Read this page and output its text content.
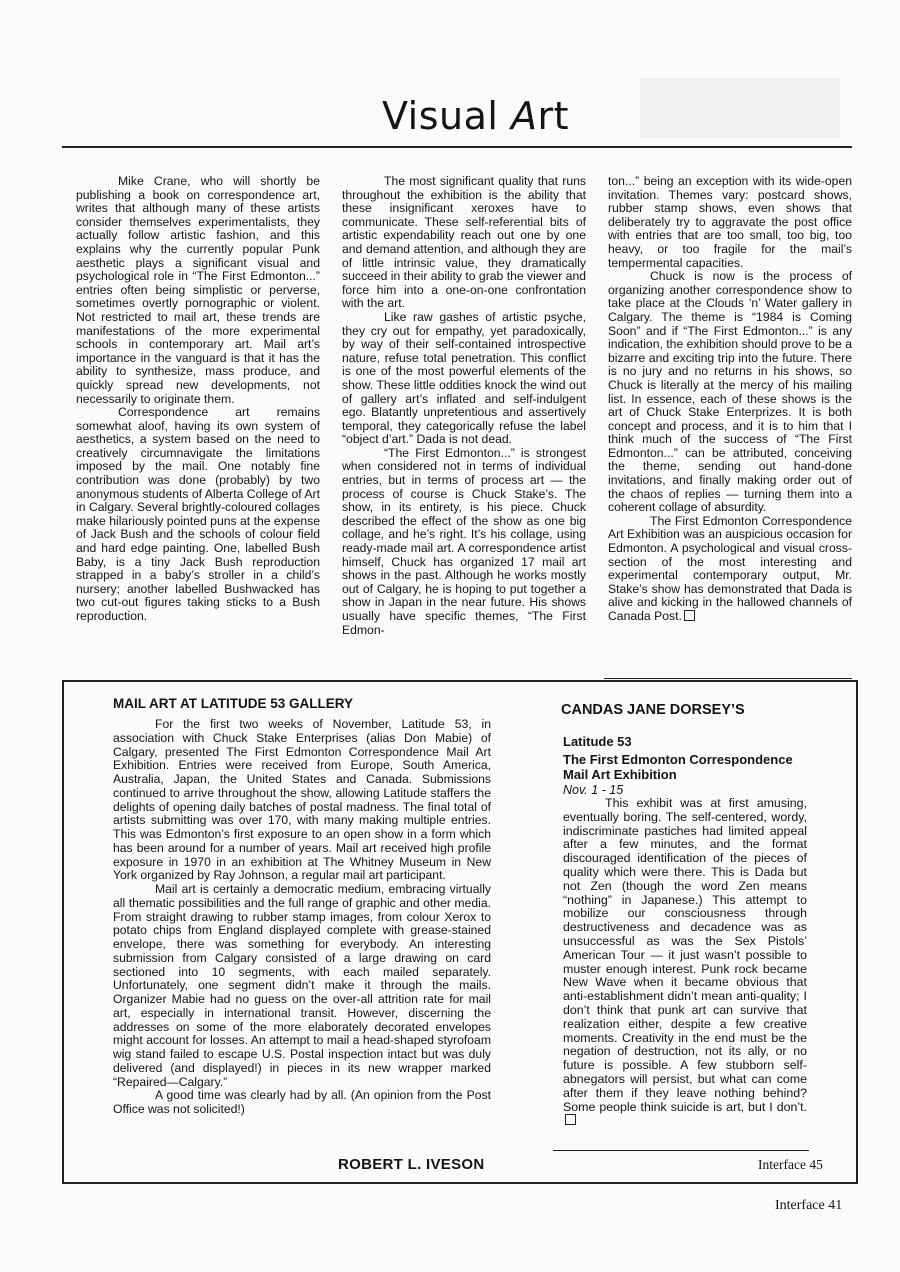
Visual Art

Mike Crane, who will shortly be publishing a book on correspondence art, writes that although many of these artists consider themselves experimentalists, they actually follow artistic fashion, and this explains why the currently popular Punk aesthetic plays a significant visual and psychological role in “The First Edmonton...” entries often being simplistic or perverse, sometimes overtly pornographic or violent. Not restricted to mail art, these trends are manifestations of the more experimental schools in contemporary art. Mail art’s importance in the vanguard is that it has the ability to synthesize, mass produce, and quickly spread new developments, not necessarily to originate them.

Correspondence art remains somewhat aloof, having its own system of aesthetics, a system based on the need to creatively circumnavigate the limitations imposed by the mail. One notably fine contribution was done (probably) by two anonymous students of Alberta College of Art in Calgary. Several brightly-coloured collages make hilariously pointed puns at the expense of Jack Bush and the schools of colour field and hard edge painting. One, labelled Bush Baby, is a tiny Jack Bush reproduction strapped in a baby’s stroller in a child’s nursery; another labelled Bushwacked has two cut-out figures taking sticks to a Bush reproduction.

The most significant quality that runs throughout the exhibition is the ability that these insignificant xeroxes have to communicate. These self-referential bits of artistic expendability reach out one by one and demand attention, and although they are of little intrinsic value, they dramatically succeed in their ability to grab the viewer and force him into a one-on-one confrontation with the art.

Like raw gashes of artistic psyche, they cry out for empathy, yet paradoxically, by way of their self-contained introspective nature, refuse total penetration. This conflict is one of the most powerful elements of the show. These little oddities knock the wind out of gallery art’s inflated and self-indulgent ego. Blatantly unpretentious and assertively temporal, they categorically refuse the label “object d’art.” Dada is not dead.

“The First Edmonton...” is strongest when considered not in terms of individual entries, but in terms of process art — the process of course is Chuck Stake’s. The show, in its entirety, is his piece. Chuck described the effect of the show as one big collage, and he’s right. It’s his collage, using ready-made mail art. A correspondence artist himself, Chuck has organized 17 mail art shows in the past. Although he works mostly out of Calgary, he is hoping to put together a show in Japan in the near future. His shows usually have specific themes, “The First Edmon-

ton...” being an exception with its wide-open invitation. Themes vary: postcard shows, rubber stamp shows, even shows that deliberately try to aggravate the post office with entries that are too small, too big, too heavy, or too fragile for the mail’s tempermental capacities.

Chuck is now is the process of organizing another correspondence show to take place at the Clouds ’n’ Water gallery in Calgary. The theme is “1984 is Coming Soon” and if “The First Edmonton...” is any indication, the exhibition should prove to be a bizarre and exciting trip into the future. There is no jury and no returns in his shows, so Chuck is literally at the mercy of his mailing list. In essence, each of these shows is the art of Chuck Stake Enterprizes. It is both concept and process, and it is to him that I think much of the success of “The First Edmonton...” can be attributed, conceiving the theme, sending out hand-done invitations, and finally making order out of the chaos of replies — turning them into a coherent collage of absurdity.

The First Edmonton Correspondence Art Exhibition was an auspicious occasion for Edmonton. A psychological and visual cross-section of the most interesting and experimental contemporary output, Mr. Stake’s show has demonstrated that Dada is alive and kicking in the hallowed channels of Canada Post.

MAIL ART AT LATITUDE 53 GALLERY

For the first two weeks of November, Latitude 53, in association with Chuck Stake Enterprises (alias Don Mabie) of Calgary, presented The First Edmonton Correspondence Mail Art Exhibition. Entries were received from Europe, South America, Australia, Japan, the United States and Canada. Submissions continued to arrive throughout the show, allowing Latitude staffers the delights of opening daily batches of postal madness. The final total of artists submitting was over 170, with many making multiple entries. This was Edmonton’s first exposure to an open show in a form which has been around for a number of years. Mail art received high profile exposure in 1970 in an exhibition at The Whitney Museum in New York organized by Ray Johnson, a regular mail art participant.

Mail art is certainly a democratic medium, embracing virtually all thematic possibilities and the full range of graphic and other media. From straight drawing to rubber stamp images, from colour Xerox to potato chips from England displayed complete with grease-stained envelope, there was something for everybody. An interesting submission from Calgary consisted of a large drawing on card sectioned into 10 segments, with each mailed separately. Unfortunately, one segment didn’t make it through the mails. Organizer Mabie had no guess on the over-all attrition rate for mail art, especially in international transit. However, discerning the addresses on some of the more elaborately decorated envelopes might account for losses. An attempt to mail a head-shaped styrofoam wig stand failed to escape U.S. Postal inspection intact but was duly delivered (and displayed!) in pieces in its new wrapper marked “Repaired—Calgary.”

A good time was clearly had by all. (An opinion from the Post Office was not solicited!)

ROBERT L. IVESON
CANDAS JANE DORSEY’S
Latitude 53
The First Edmonton Correspondence Mail Art Exhibition
Nov. 1 - 15

This exhibit was at first amusing, eventually boring. The self-centered, wordy, indiscriminate pastiches had limited appeal after a few minutes, and the format discouraged identification of the pieces of quality which were there. This is Dada but not Zen (though the word Zen means “nothing” in Japanese.) This attempt to mobilize our consciousness through destructiveness and decadence was as unsuccessful as was the Sex Pistols’ American Tour — it just wasn’t possible to muster enough interest. Punk rock became New Wave when it became obvious that anti-establishment didn’t mean anti-quality; I don’t think that punk art can survive that realization either, despite a few creative moments. Creativity in the end must be the negation of destruction, not its ally, or no future is possible. A few stubborn self-abnegators will persist, but what can come after them if they leave nothing behind? Some people think suicide is art, but I don’t.

Interface 45
Interface 41
